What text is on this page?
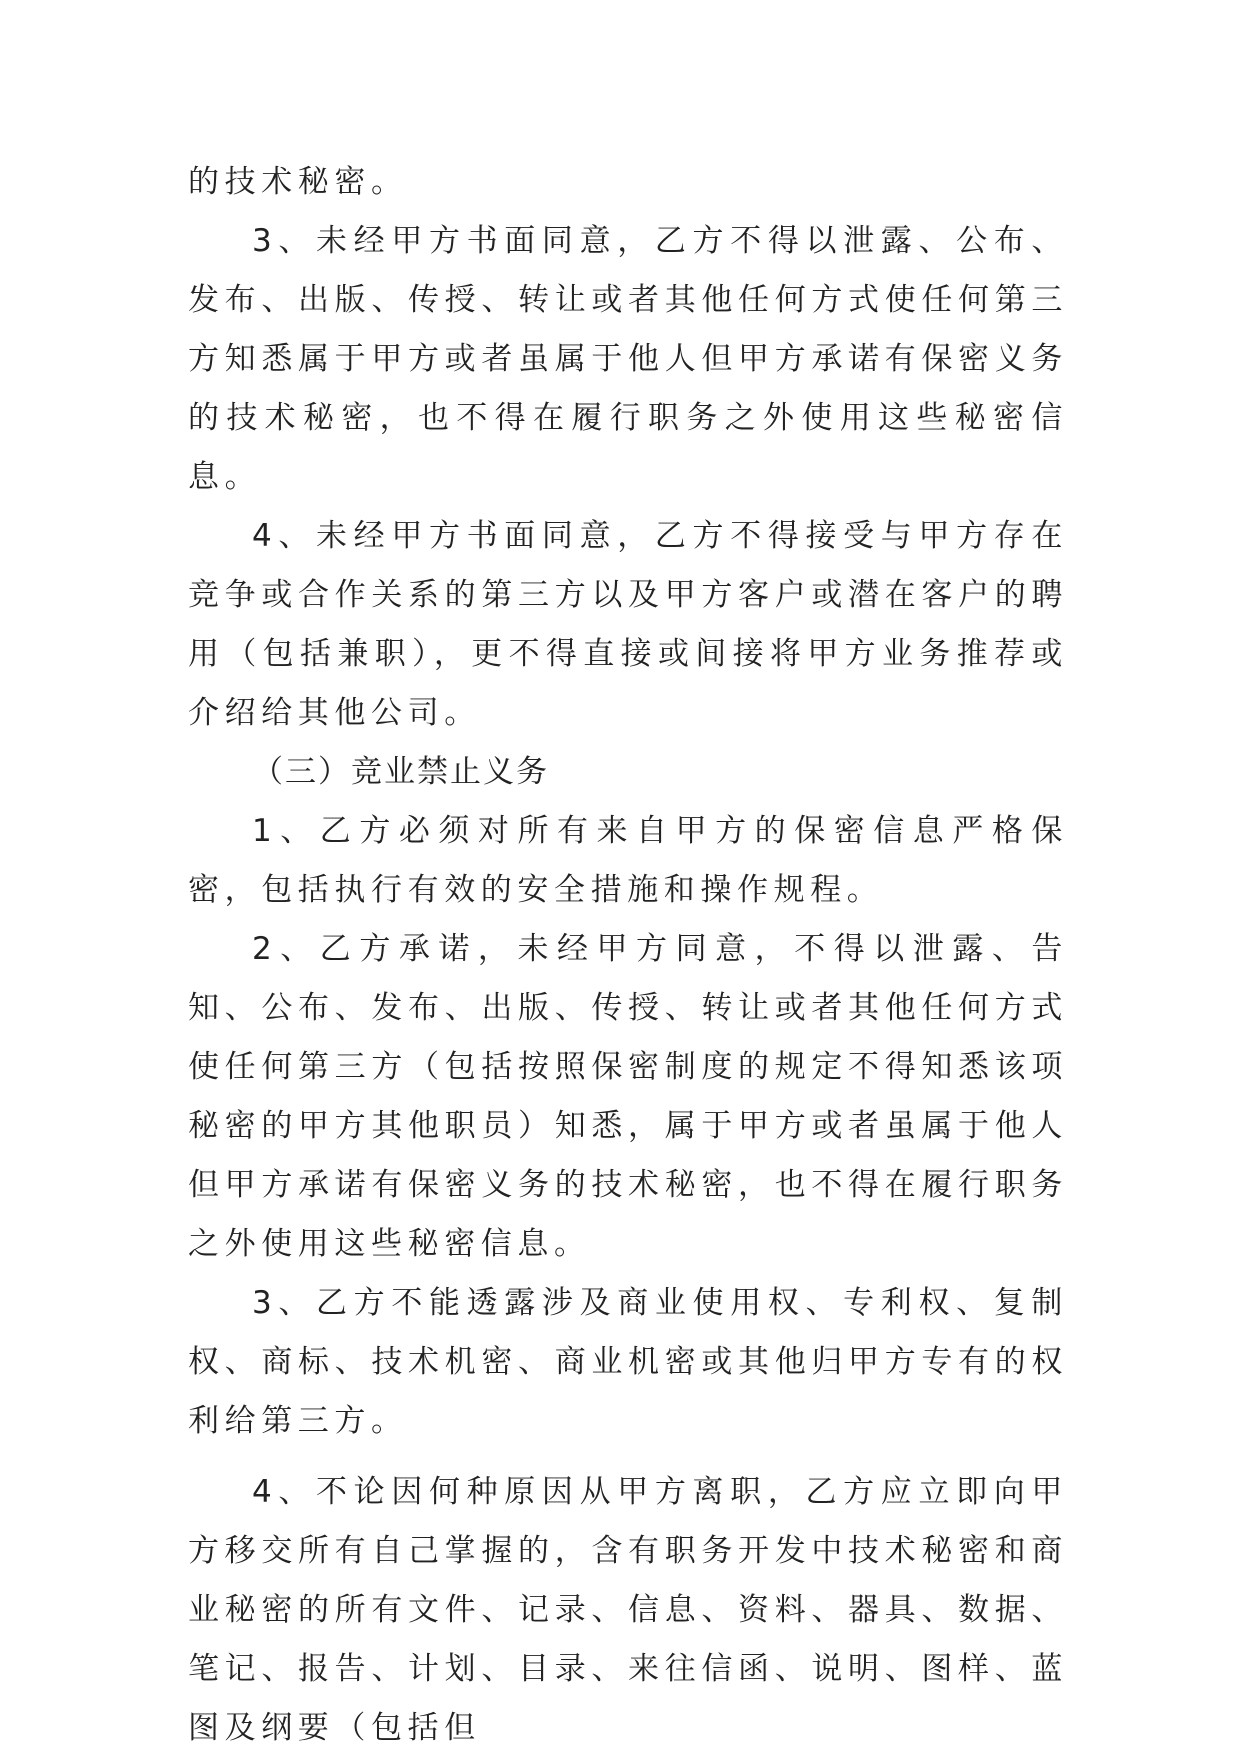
的技术秘密。

3、未经甲方书面同意，乙方不得以泄露、公布、发布、出版、传授、转让或者其他任何方式使任何第三方知悉属于甲方或者虽属于他人但甲方承诺有保密义务的技术秘密，也不得在履行职务之外使用这些秘密信息。

4、未经甲方书面同意，乙方不得接受与甲方存在竞争或合作关系的第三方以及甲方客户或潜在客户的聘用（包括兼职），更不得直接或间接将甲方业务推荐或介绍给其他公司。

（三）竞业禁止义务

1、乙方必须对所有来自甲方的保密信息严格保密，包括执行有效的安全措施和操作规程。

2、乙方承诺，未经甲方同意，不得以泄露、告知、公布、发布、出版、传授、转让或者其他任何方式使任何第三方（包括按照保密制度的规定不得知悉该项秘密的甲方其他职员）知悉，属于甲方或者虽属于他人但甲方承诺有保密义务的技术秘密，也不得在履行职务之外使用这些秘密信息。

3、乙方不能透露涉及商业使用权、专利权、复制权、商标、技术机密、商业机密或其他归甲方专有的权利给第三方。

4、不论因何种原因从甲方离职，乙方应立即向甲方移交所有自己掌握的，含有职务开发中技术秘密和商业秘密的所有文件、记录、信息、资料、器具、数据、笔记、报告、计划、目录、来往信函、说明、图样、蓝图及纲要（包括但
